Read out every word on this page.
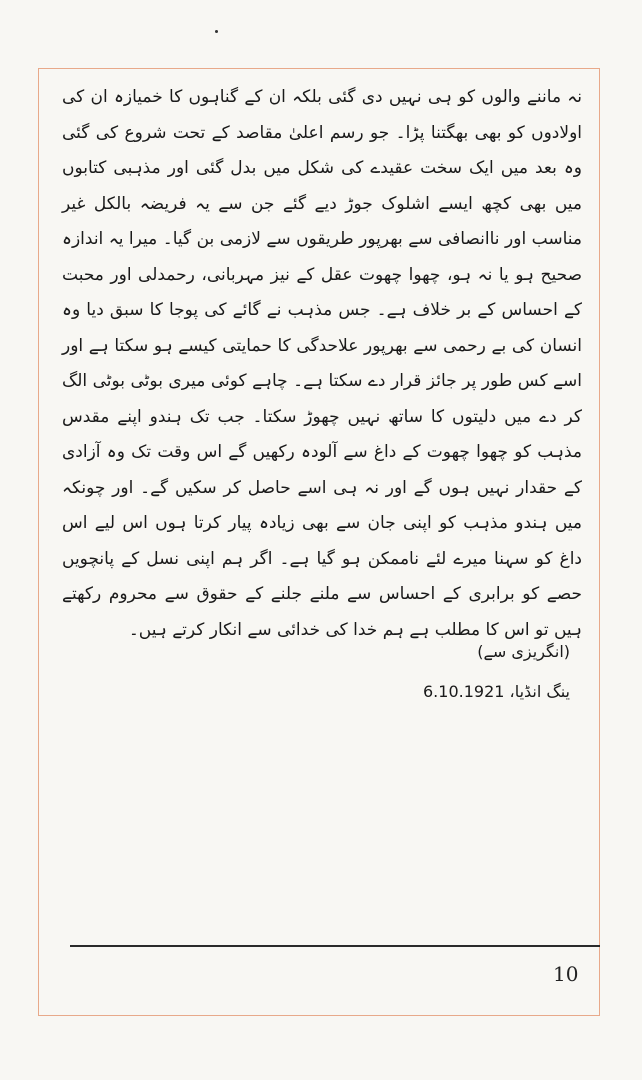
نہ ماننے والوں کو ہی نہیں دی گئی بلکہ ان کے گناہوں کا خمیازہ ان کی اولادوں کو بھی بھگتنا پڑا۔ جو رسم اعلیٰ مقاصد کے تحت شروع کی گئی وہ بعد میں ایک سخت عقیدے کی شکل میں بدل گئی اور مذہبی کتابوں میں بھی کچھ ایسے اشلوک جوڑ دیے گئے جن سے یہ فریضہ بالکل غیر مناسب اور ناانصافی سے بھرپور طریقوں سے لازمی بن گیا۔ میرا یہ اندازہ صحیح ہو یا نہ ہو، چھوا چھوت عقل کے نیز مہربانی، رحمدلی اور محبت کے احساس کے بر خلاف ہے۔ جس مذہب نے گائے کی پوجا کا سبق دیا وہ انسان کی بے رحمی سے بھرپور علاحدگی کا حمایتی کیسے ہو سکتا ہے اور اسے کس طور پر جائز قرار دے سکتا ہے۔ چاہے کوئی میری بوٹی بوٹی الگ کر دے میں دلیتوں کا ساتھ نہیں چھوڑ سکتا۔ جب تک ہندو اپنے مقدس مذہب کو چھوا چھوت کے داغ سے آلودہ رکھیں گے اس وقت تک وہ آزادی کے حقدار نہیں ہوں گے اور نہ ہی اسے حاصل کر سکیں گے۔ اور چونکہ میں ہندو مذہب کو اپنی جان سے بھی زیادہ پیار کرتا ہوں اس لیے اس داغ کو سہنا میرے لئے ناممکن ہو گیا ہے۔ اگر ہم اپنی نسل کے پانچویں حصے کو برابری کے احساس سے ملنے جلنے کے حقوق سے محروم رکھتے ہیں تو اس کا مطلب ہے ہم خدا کی خدائی سے انکار کرتے ہیں۔

(انگریزی سے)
ینگ انڈیا، 6.10.1921
10
